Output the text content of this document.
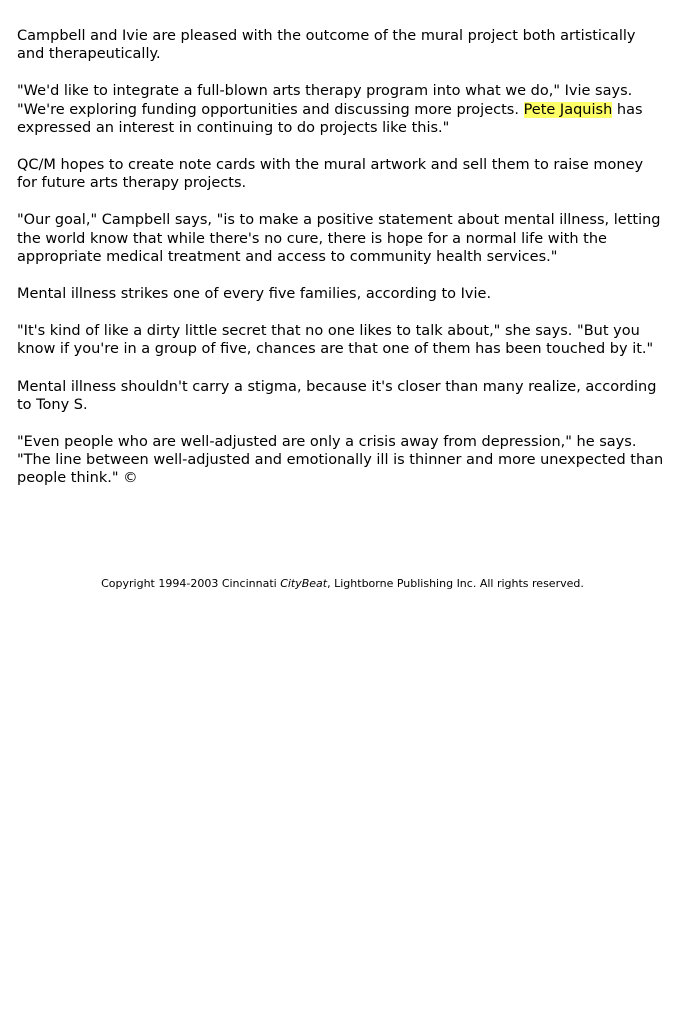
Campbell and Ivie are pleased with the outcome of the mural project both artistically and therapeutically.

"We'd like to integrate a full-blown arts therapy program into what we do," Ivie says. "We're exploring funding opportunities and discussing more projects. Pete Jaquish has expressed an interest in continuing to do projects like this."

QC/M hopes to create note cards with the mural artwork and sell them to raise money for future arts therapy projects.

"Our goal," Campbell says, "is to make a positive statement about mental illness, letting the world know that while there's no cure, there is hope for a normal life with the appropriate medical treatment and access to community health services."

Mental illness strikes one of every five families, according to Ivie.

"It's kind of like a dirty little secret that no one likes to talk about," she says. "But you know if you're in a group of five, chances are that one of them has been touched by it."

Mental illness shouldn't carry a stigma, because it's closer than many realize, according to Tony S.

"Even people who are well-adjusted are only a crisis away from depression," he says. "The line between well-adjusted and emotionally ill is thinner and more unexpected than people think." ©

Copyright 1994-2003 Cincinnati CityBeat, Lightborne Publishing Inc. All rights reserved.
